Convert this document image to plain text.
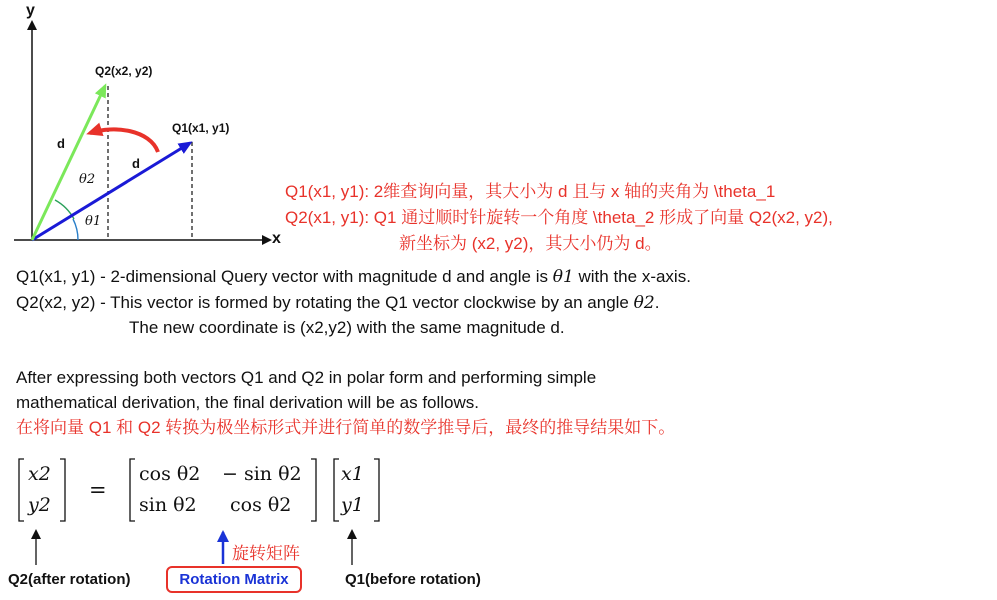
y
x
Q2(x2, y2)
Q1(x1, y1)
d
d
θ2
θ1
Q1(x1, y1): 2维查询向量，其大小为 d 且与 x 轴的夹角为 \theta_1
Q2(x1, y1): Q1 通过顺时针旋转一个角度 \theta_2 形成了向量 Q2(x2, y2),
新坐标为 (x2, y2)，其大小仍为 d。
Q1(x1, y1) - 2-dimensional Query vector with magnitude d and angle is θ1 with the x-axis.
Q2(x2, y2) - This vector is formed by rotating the Q1 vector clockwise by an angle θ2.
The new coordinate is (x2,y2) with the same magnitude d.
After expressing both vectors Q1 and Q2 in polar form and performing simple
mathematical derivation, the final derivation will be as follows.
在将向量 Q1 和 Q2 转换为极坐标形式并进行简单的数学推导后，最终的推导结果如下。
x2
y2
=
cos θ2 − sin θ2
sin θ2 cos θ2
x1
y1
旋转矩阵
Q2(after rotation)	Rotation Matrix	Q1(before rotation)
